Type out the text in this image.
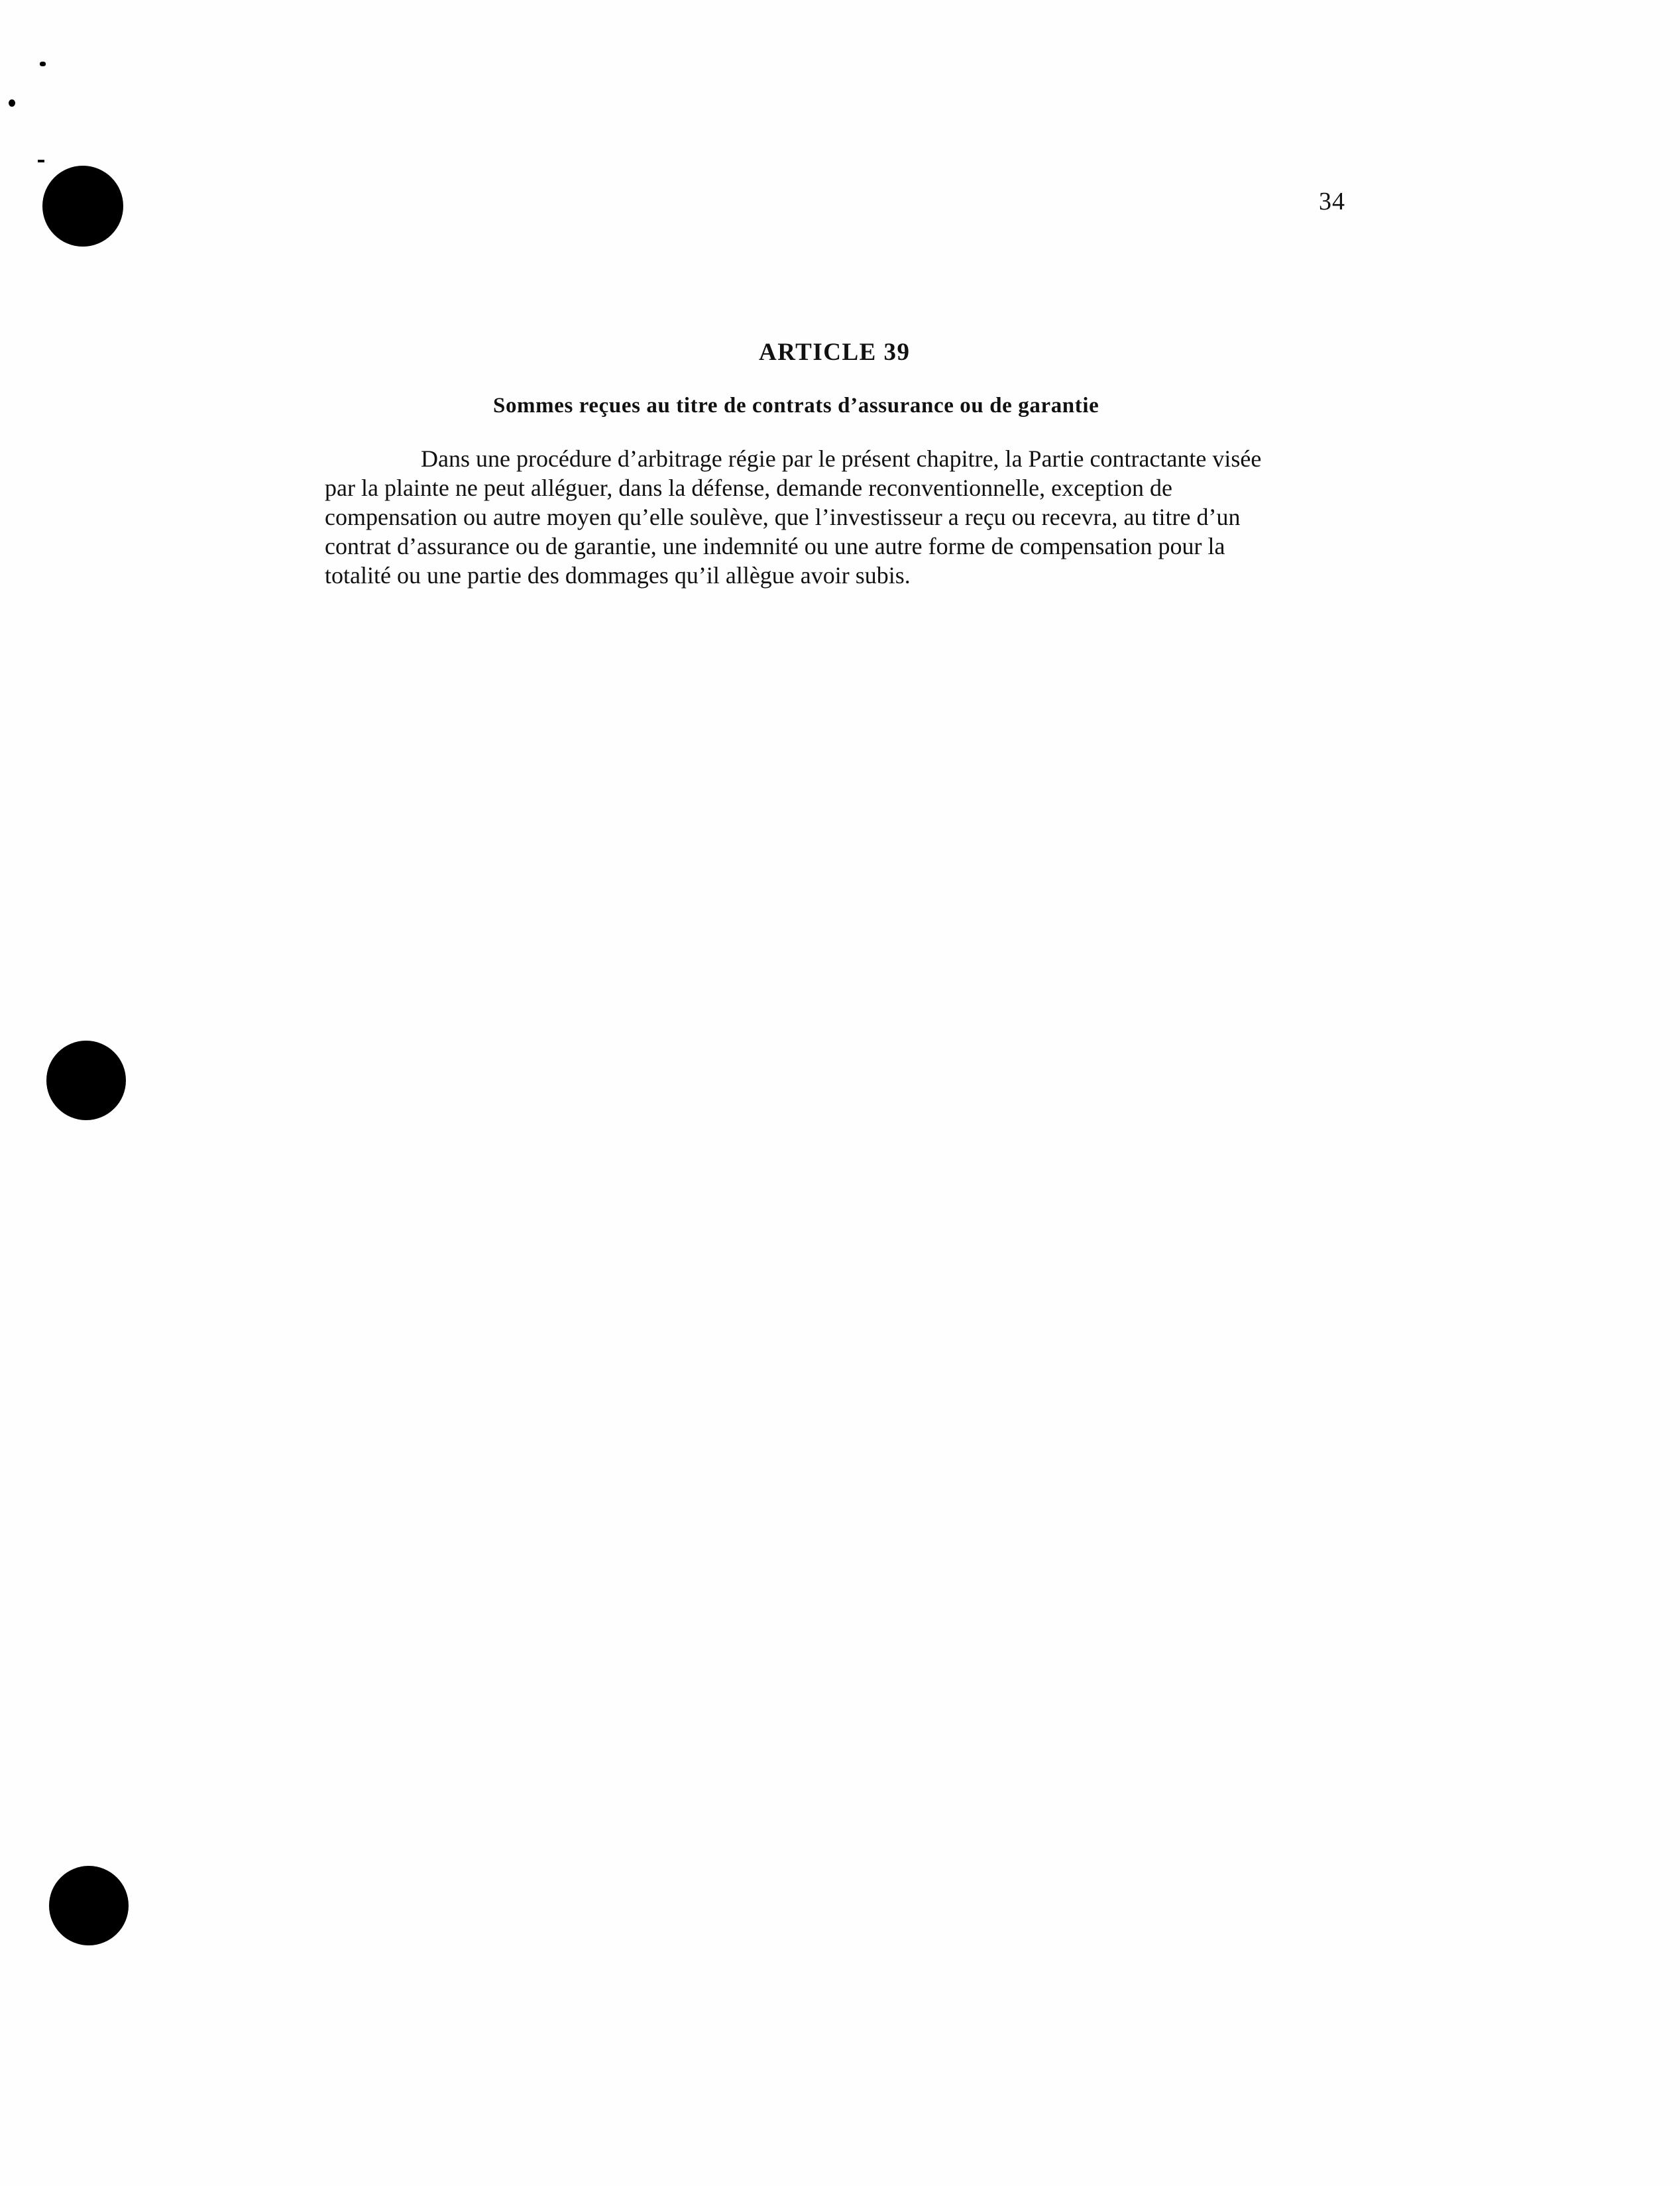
34
ARTICLE 39
Sommes reçues au titre de contrats d’assurance ou de garantie
Dans une procédure d’arbitrage régie par le présent chapitre, la Partie contractante visée
par la plainte ne peut alléguer, dans la défense, demande reconventionnelle, exception de
compensation ou autre moyen qu’elle soulève, que l’investisseur a reçu ou recevra, au titre d’un
contrat d’assurance ou de garantie, une indemnité ou une autre forme de compensation pour la
totalité ou une partie des dommages qu’il allègue avoir subis.
